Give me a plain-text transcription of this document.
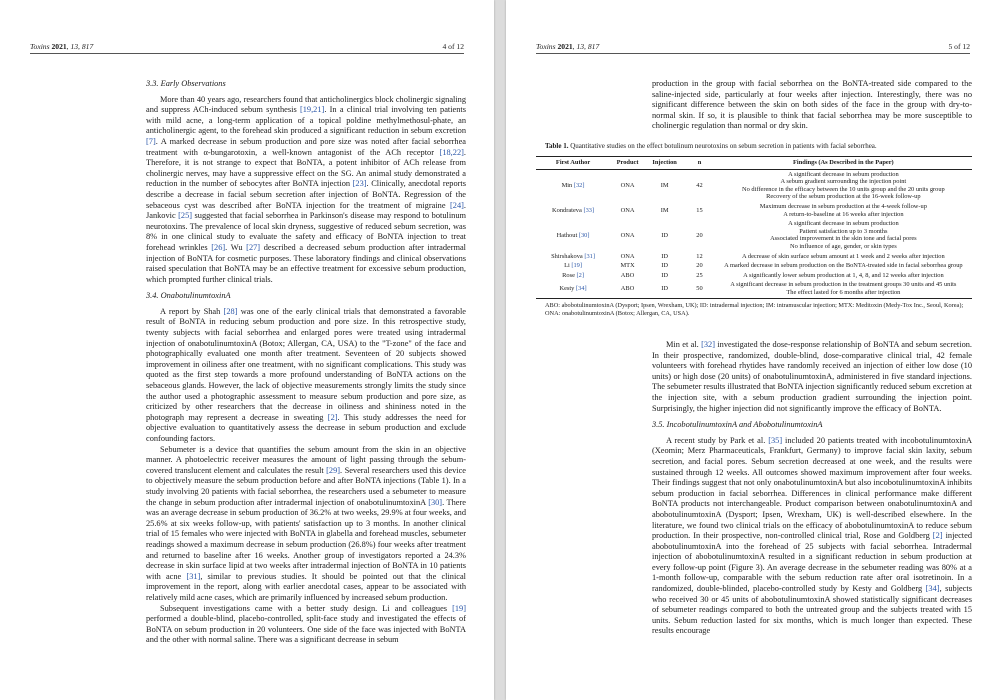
Toxins 2021, 13, 817	4 of 12
3.3. Early Observations

More than 40 years ago, researchers found that anticholinergics block cholinergic signaling and suppress ACh-induced sebum synthesis [19,21]. In a clinical trial involving ten patients with mild acne, a long-term application of a topical poldine methylmethosul-phate, an anticholinergic agent, to the forehead skin produced a significant reduction in sebum excretion [7]. A marked decrease in sebum production and pore size was noted after facial seborrhea treatment with α-bungarotoxin, a well-known antagonist of the ACh receptor [18,22]. Therefore, it is not strange to expect that BoNTA, a potent inhibitor of ACh release from cholinergic nerves, may have a suppressive effect on the SG. An animal study demonstrated a reduction in the number of sebocytes after BoNTA injection [23]. Clinically, anecdotal reports describe a decrease in facial sebum secretion after injection of BoNTA. Regression of the sebaceous cyst was described after BoNTA injection for the treatment of migraine [24]. Jankovic [25] suggested that facial seborrhea in Parkinson's disease may respond to botulinum neurotoxins. The prevalence of local skin dryness, suggestive of reduced sebum secretion, was 8% in one clinical study to evaluate the safety and efficacy of BoNTA injection to treat forehead wrinkles [26]. Wu [27] described a decreased sebum production after intradermal injection of BoNTA for cosmetic purposes. These laboratory findings and clinical observations raised speculation that BoNTA may be an effective treatment for excessive sebum production, which prompted further clinical trials.

3.4. OnabotulinumtoxinA

A report by Shah [28] was one of the early clinical trials that demonstrated a favorable result of BoNTA in reducing sebum production and pore size. In this retrospective study, twenty subjects with facial seborrhea and enlarged pores were treated using intradermal injection of onabotulinumtoxinA (Botox; Allergan, CA, USA) to the "T-zone" of the face and photographically evaluated one month after treatment. Seventeen of 20 subjects showed improvement in oiliness after one treatment, with no significant complications. This study was quoted as the first step towards a more profound understanding of BoNTA actions on the sebaceous glands. However, the lack of objective measurements strongly limits the study since the author used a photographic assessment to measure sebum production and pore size, as criticized by other researchers that the decrease in oiliness and shininess noted in the photograph may represent a decrease in sweating [2]. This study addresses the need for objective evaluation to quantitatively assess the decrease in sebum production and exclude confounding factors.

Sebumeter is a device that quantifies the sebum amount from the skin in an objective manner. A photoelectric receiver measures the amount of light passing through the sebum-covered translucent element and calculates the result [29]. Several researchers used this device to objectively measure the sebum production before and after BoNTA injections (Table 1). In a study involving 20 patients with facial seborrhea, the researchers used a sebumeter to measure the change in sebum production after intradermal injection of onabotulinumtoxinA [30]. There was an average decrease in sebum production of 36.2% at two weeks, 29.9% at four weeks, and 25.6% at six weeks follow-up, with patients' satisfaction up to 3 months. In another clinical trial of 15 females who were injected with BoNTA in glabella and forehead muscles, sebumeter readings showed a maximum decrease in sebum production (26.8%) four weeks after treatment and returned to baseline after 16 weeks. Another group of investigators reported a 24.3% decrease in skin surface lipid at two weeks after intradermal injection of BoNTA in 10 patients with acne [31], similar to previous studies. It should be pointed out that the clinical improvement in the report, along with earlier anecdotal cases, appear to be associated with relatively mild acne cases, which are primarily influenced by increased sebum production.

Subsequent investigations came with a better study design. Li and colleagues [19] performed a double-blind, placebo-controlled, split-face study and investigated the effects of BoNTA on sebum production in 20 volunteers. One side of the face was injected with BoNTA and the other with normal saline. There was a significant decrease in sebum

Toxins 2021, 13, 817	5 of 12

production in the group with facial seborrhea on the BoNTA-treated side compared to the saline-injected side, particularly at four weeks after injection. Interestingly, there was no significant difference between the skin on both sides of the face in the group with dry-to-normal skin. If so, it is plausible to think that facial seborrhea may be more susceptible to cholinergic regulation than normal or dry skin.

Table 1. Quantitative studies on the effect botulinum neurotoxins on sebum secretion in patients with facial seborrhea.

First Author	Product	Injection	n	Findings (As Described in the Paper)
Min [32]	ONA	IM	42	A significant decrease in sebum production
A sebum gradient surrounding the injection point
No difference in the efficacy between the 10 units group and the 20 units group
Recovery of the sebum production at the 16-week follow-up

Kondrateva [33]	ONA	IM	15	Maximum decrease in sebum production at the 4-week follow-up
A return-to-baseline at 16 weeks after injection

Hathout [30]	ONA	ID	20	A significant decrease in sebum production
Patient satisfaction up to 3 months
Associated improvement in the skin tone and facial pores
No influence of age, gender, or skin types

Shirshakova [31]	ONA	ID	12	A decrease of skin surface sebum amount at 1 week and 2 weeks after injection

Li [19]	MTX	ID	20	A marked decrease in sebum production on the BoNTA-treated side in facial seborrhea group

Rose [2]	ABO	ID	25	A significantly lower sebum production at 1, 4, 8, and 12 weeks after injection

Kesty [34]	ABO	ID	50	A significant decrease in sebum production in the treatment groups 30 units and 45 units
The effect lasted for 6 months after injection
ABO: abobotulinumtoxinA (Dysport; Ipsen, Wrexham, UK); ID: intradermal injection; IM: intramuscular injection; MTX: Meditoxin (Medy-Tox Inc., Seoul, Korea); ONA: onabotulinumtoxinA (Botox; Allergan, CA, USA).

Min et al. [32] investigated the dose-response relationship of BoNTA and sebum secretion. In their prospective, randomized, double-blind, dose-comparative clinical trial, 42 female volunteers with forehead rhytides have randomly received an injection of either low dose (10 units) or high dose (20 units) of onabotulinumtoxinA, administered in five standard injections. The sebumeter results illustrated that BoNTA injection significantly reduced sebum excretion at the injection site, with a sebum production gradient surrounding the injection point. Surprisingly, the higher injection did not significantly improve the efficacy of BoNTA.

3.5. IncobotulinumtoxinA and AbobotulinumtoxinA

A recent study by Park et al. [35] included 20 patients treated with incobotulinumtoxinA (Xeomin; Merz Pharmaceuticals, Frankfurt, Germany) to improve facial skin laxity, sebum secretion, and facial pores. Sebum secretion decreased at one week, and the results were sustained through 12 weeks. All outcomes showed maximum improvement after four weeks. Their findings suggest that not only onabotulinumtoxinA but also incobotulinumtoxinA inhibits sebum production in facial seborrhea. Differences in clinical performance make different BoNTA products not interchangeable. Product comparison between onabotulinumtoxinA and abobotulinumtoxinA (Dysport; Ipsen, Wrexham, UK) is well-described elsewhere. In the literature, we found two clinical trials on the efficacy of abobotulinumtoxinA to reduce sebum production. In their prospective, non-controlled clinical trial, Rose and Goldberg [2] injected abobotulinumtoxinA into the forehead of 25 subjects with facial seborrhea. Intradermal injection of abobotulinumtoxinA resulted in a significant reduction in sebum production at every follow-up point (Figure 3). An average decrease in the sebumeter reading was 80% at a 1-month follow-up, comparable with the sebum reduction rate after oral isotretinoin. In a randomized, double-blinded, placebo-controlled study by Kesty and Goldberg [34], subjects who received 30 or 45 units of abobotulinumtoxinA showed statistically significant decreases of sebumeter readings compared to both the untreated group and the subjects treated with 15 units. Sebum reduction lasted for six months, which is much longer than expected. These results encourage
